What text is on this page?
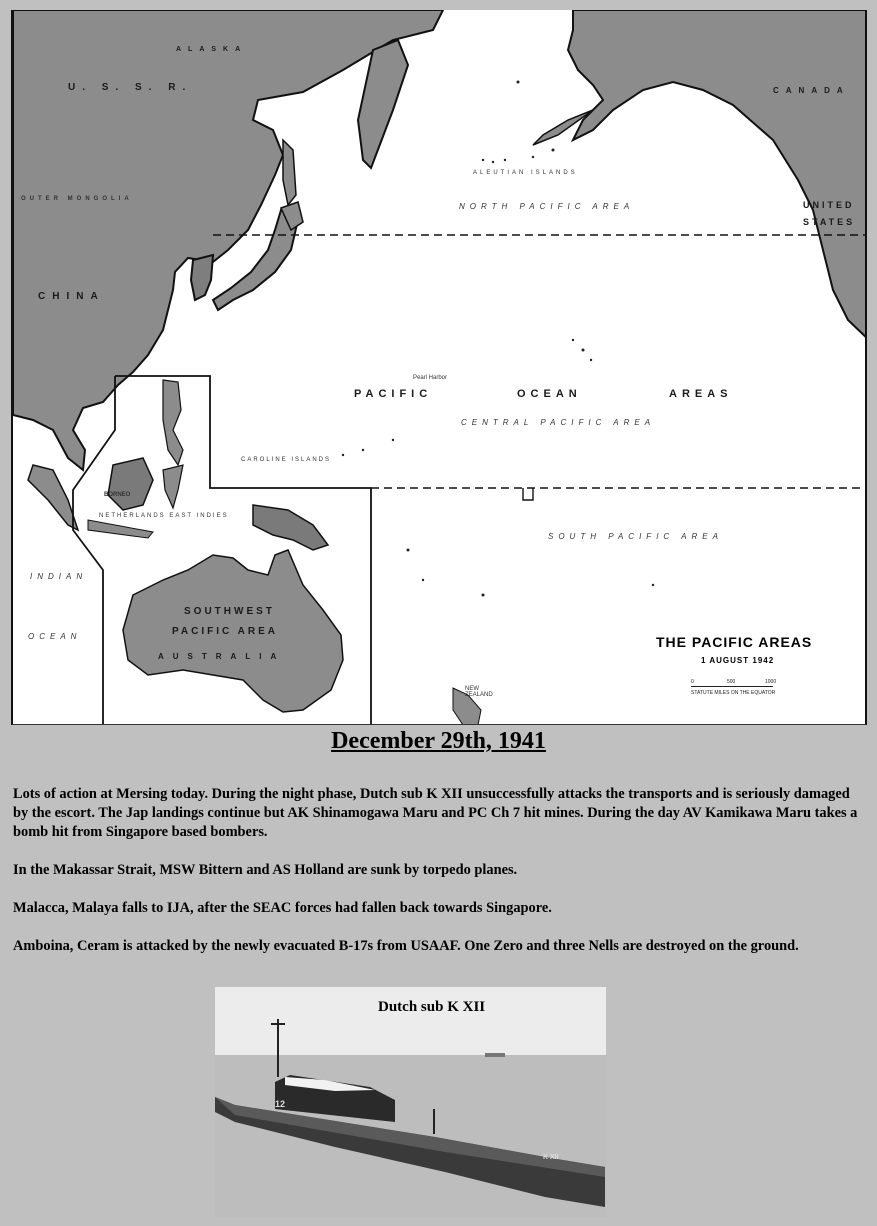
U. S. S. R.
OUTER MONGOLIA
CHINA
ALASKA
CANADA
UNITED
STATES
BORNEO
SOUTHWEST
PACIFIC AREA
AUSTRALIA
NEW ZEALAND
NORTH PACIFIC AREA
CENTRAL PACIFIC AREA
SOUTH PACIFIC AREA
PACIFIC	OCEAN	AREAS
INDIAN
OCEAN
NETHERLANDS EAST INDIES
ALEUTIAN ISLANDS
CAROLINE ISLANDS
Pearl Harbor
THE PACIFIC AREAS
1 AUGUST 1942
0	500	1000
STATUTE MILES ON THE EQUATOR
December 29th, 1941

Lots of action at Mersing today. During the night phase, Dutch sub K XII unsuccessfully attacks the transports and is seriously damaged by the escort. The Jap landings continue but AK Shinamogawa Maru and PC Ch 7 hit mines. During the day AV Kamikawa Maru takes a bomb hit from Singapore based bombers.

In the Makassar Strait, MSW Bittern and AS Holland are sunk by torpedo planes.

Malacca, Malaya falls to IJA, after the SEAC forces had fallen back towards Singapore.

Amboina, Ceram is attacked by the newly evacuated B-17s from USAAF. One Zero and three Nells are destroyed on the ground.

12
K XII
Dutch sub K XII
